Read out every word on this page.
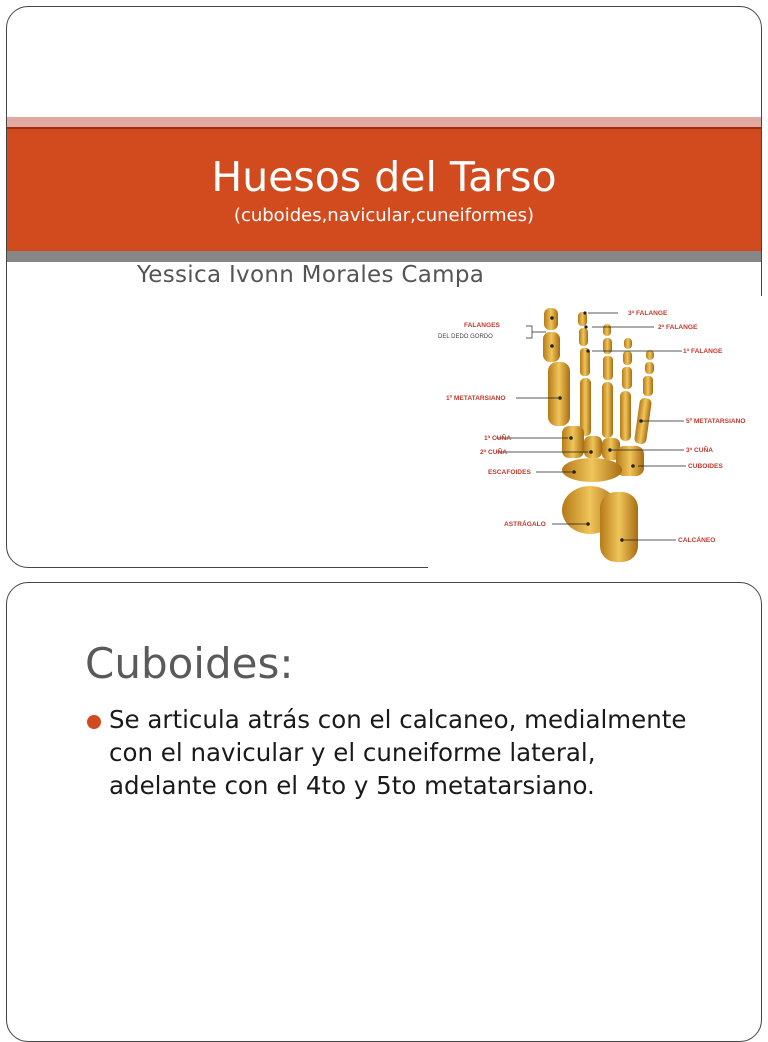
Huesos del Tarso
(cuboides,navicular,cuneiformes)
Yessica Ivonn Morales Campa
FALANGES
DEL DEDO GORDO
3ª FALANGE
2ª FALANGE
1ª FALANGE
1º METATARSIANO
5º METATARSIANO
1ª CUÑA
2ª CUÑA	3ª CUÑA
ESCAFOIDES
CUBOIDES
ASTRÁGALO
CALCÁNEO
Cuboides:
Se articula atrás con el calcaneo, medialmente con el navicular y el cuneiforme lateral, adelante con el 4to y 5to metatarsiano.
